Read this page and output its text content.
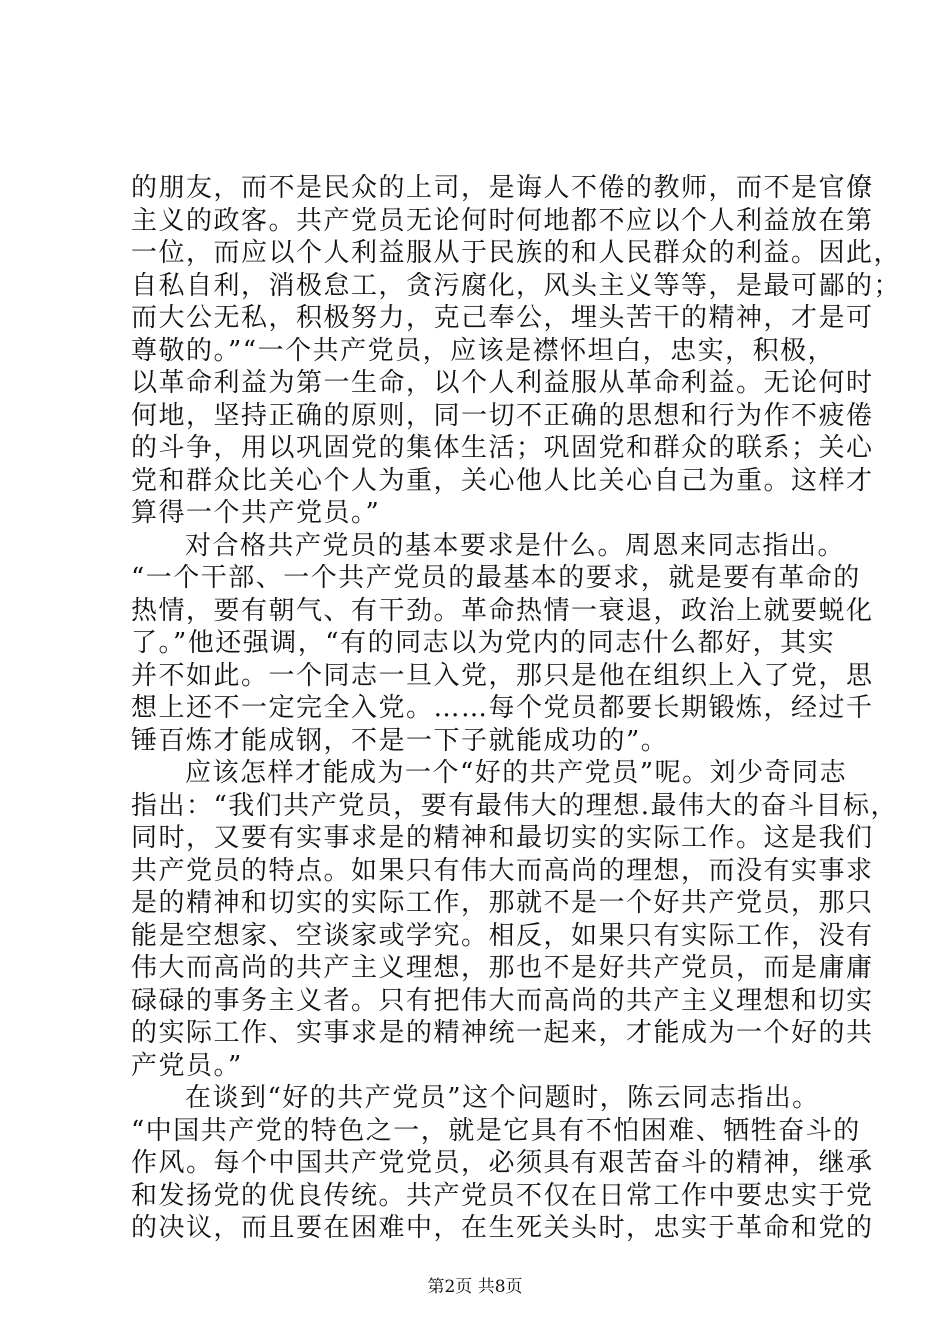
的朋友，而不是民众的上司，是诲人不倦的教师，而不是官僚
主义的政客。共产党员无论何时何地都不应以个人利益放在第
一位，而应以个人利益服从于民族的和人民群众的利益。因此，
自私自利，消极怠工，贪污腐化，风头主义等等，是最可鄙的；
而大公无私，积极努力，克己奉公，埋头苦干的精神，才是可
尊敬的。”“一个共产党员，应该是襟怀坦白，忠实，积极，
以革命利益为第一生命，以个人利益服从革命利益。无论何时
何地，坚持正确的原则，同一切不正确的思想和行为作不疲倦
的斗争，用以巩固党的集体生活；巩固党和群众的联系；关心
党和群众比关心个人为重，关心他人比关心自己为重。这样才
算得一个共产党员。”
对合格共产党员的基本要求是什么。周恩来同志指出。
“一个干部、一个共产党员的最基本的要求，就是要有革命的
热情，要有朝气、有干劲。革命热情一衰退，政治上就要蜕化
了。”他还强调，“有的同志以为党内的同志什么都好，其实
并不如此。一个同志一旦入党，那只是他在组织上入了党，思
想上还不一定完全入党。……每个党员都要长期锻炼，经过千
锤百炼才能成钢，不是一下子就能成功的”。
应该怎样才能成为一个“好的共产党员”呢。刘少奇同志
指出：“我们共产党员，要有最伟大的理想.最伟大的奋斗目标，
同时，又要有实事求是的精神和最切实的实际工作。这是我们
共产党员的特点。如果只有伟大而高尚的理想，而没有实事求
是的精神和切实的实际工作，那就不是一个好共产党员，那只
能是空想家、空谈家或学究。相反，如果只有实际工作，没有
伟大而高尚的共产主义理想，那也不是好共产党员，而是庸庸
碌碌的事务主义者。只有把伟大而高尚的共产主义理想和切实
的实际工作、实事求是的精神统一起来，才能成为一个好的共
产党员。”
在谈到“好的共产党员”这个问题时，陈云同志指出。
“中国共产党的特色之一，就是它具有不怕困难、牺牲奋斗的
作风。每个中国共产党党员，必须具有艰苦奋斗的精神，继承
和发扬党的优良传统。共产党员不仅在日常工作中要忠实于党
的决议，而且要在困难中，在生死关头时，忠实于革命和党的
第2页 共8页
